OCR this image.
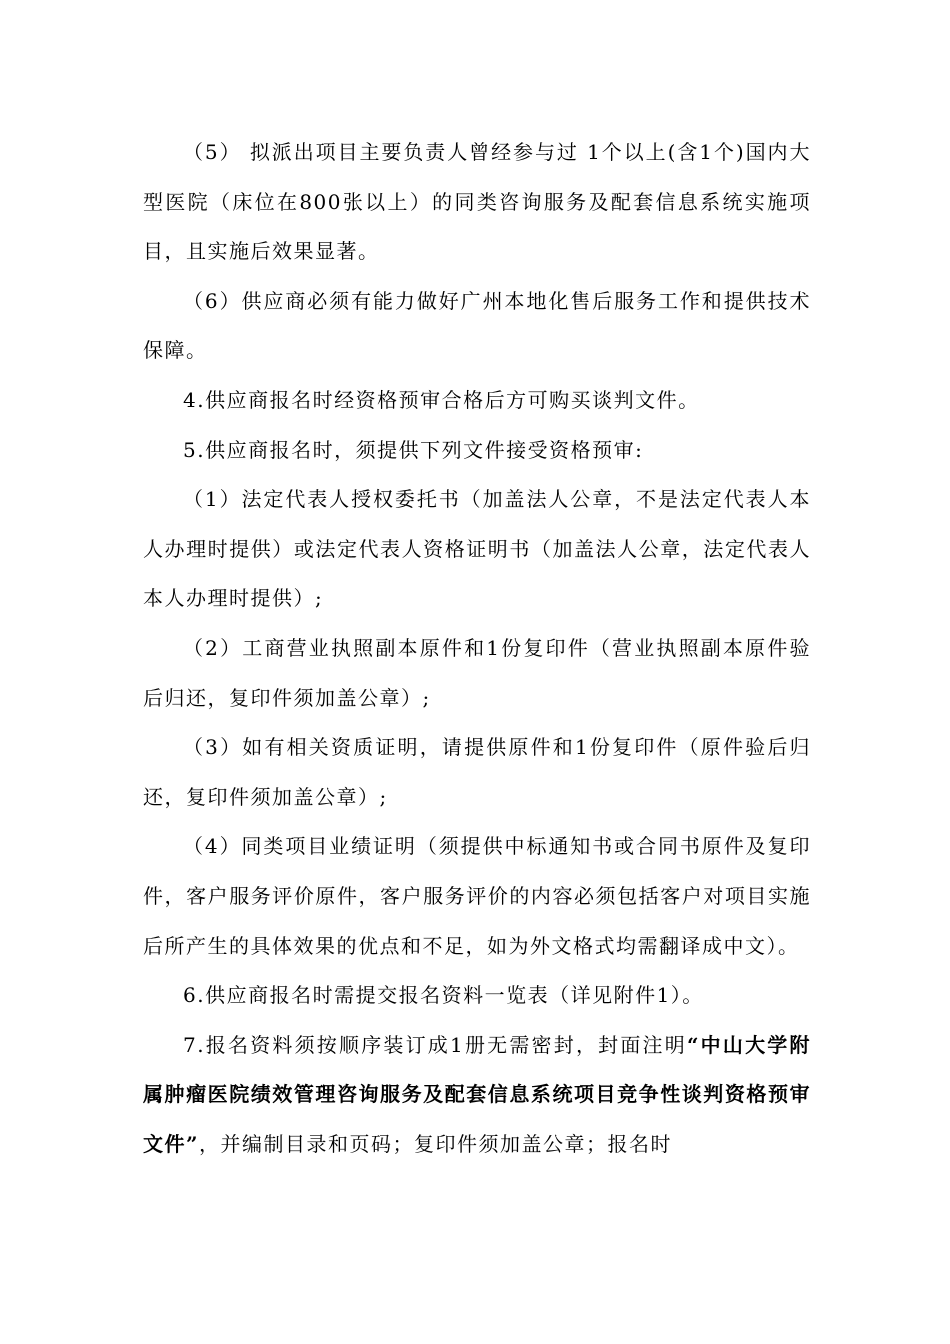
（5） 拟派出项目主要负责人曾经参与过 1个以上(含1个)国内大型医院（床位在800张以上）的同类咨询服务及配套信息系统实施项目，且实施后效果显著。

（6）供应商必须有能力做好广州本地化售后服务工作和提供技术保障。

4.供应商报名时经资格预审合格后方可购买谈判文件。

5.供应商报名时，须提供下列文件接受资格预审:

（1）法定代表人授权委托书（加盖法人公章，不是法定代表人本人办理时提供）或法定代表人资格证明书（加盖法人公章，法定代表人本人办理时提供）;

（2）工商营业执照副本原件和1份复印件（营业执照副本原件验后归还，复印件须加盖公章）;

（3）如有相关资质证明，请提供原件和1份复印件（原件验后归还，复印件须加盖公章）;

（4）同类项目业绩证明（须提供中标通知书或合同书原件及复印件，客户服务评价原件，客户服务评价的内容必须包括客户对项目实施后所产生的具体效果的优点和不足，如为外文格式均需翻译成中文）。

6.供应商报名时需提交报名资料一览表（详见附件1）。

7.报名资料须按顺序装订成1册无需密封，封面注明“中山大学附属肿瘤医院绩效管理咨询服务及配套信息系统项目竞争性谈判资格预审文件”，并编制目录和页码；复印件须加盖公章；报名时
